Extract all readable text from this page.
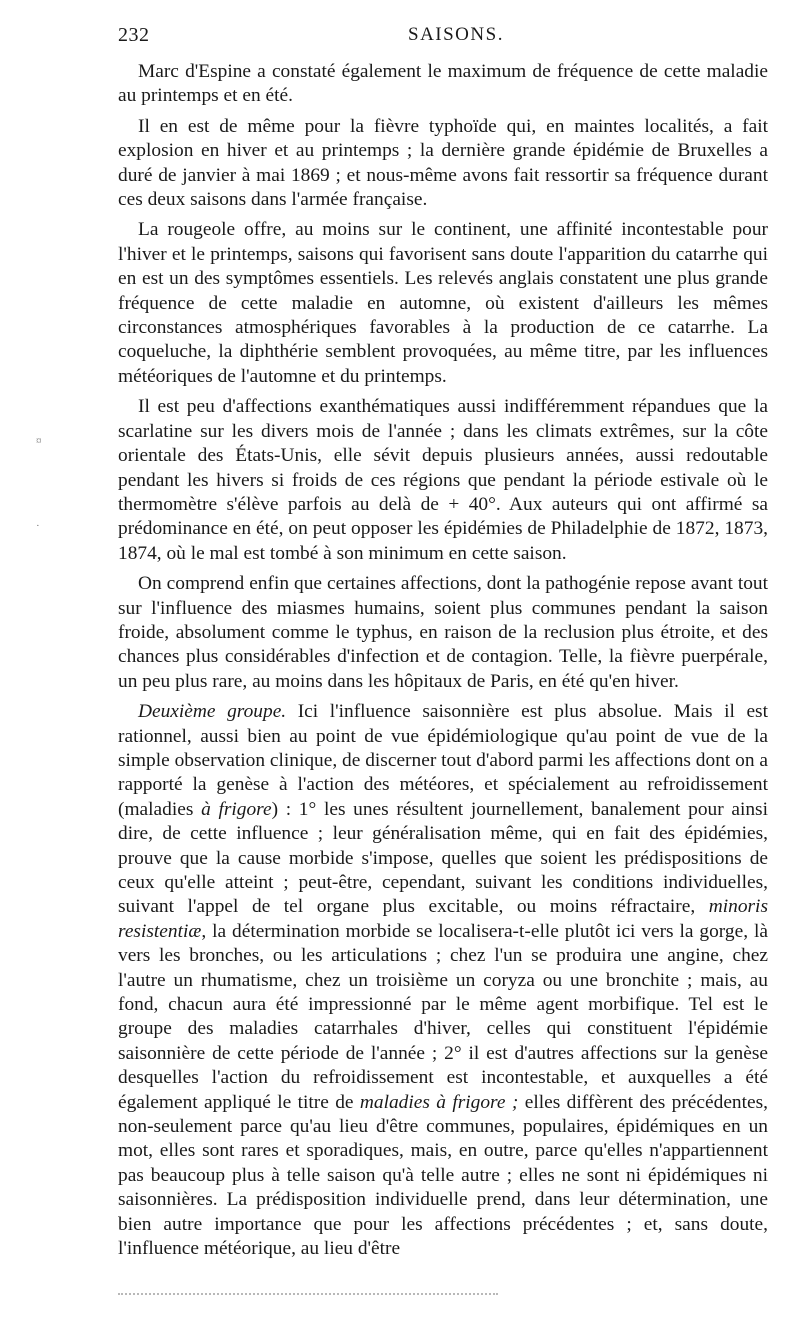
232	SAISONS.

Marc d'Espine a constaté également le maximum de fréquence de cette maladie au printemps et en été.

Il en est de même pour la fièvre typhoïde qui, en maintes localités, a fait explosion en hiver et au printemps ; la dernière grande épidémie de Bruxelles a duré de janvier à mai 1869 ; et nous-même avons fait ressortir sa fréquence durant ces deux saisons dans l'armée française.

La rougeole offre, au moins sur le continent, une affinité incontestable pour l'hiver et le printemps, saisons qui favorisent sans doute l'apparition du catarrhe qui en est un des symptômes essentiels. Les relevés anglais constatent une plus grande fréquence de cette maladie en automne, où existent d'ailleurs les mêmes circonstances atmosphériques favorables à la production de ce catarrhe. La coqueluche, la diphthérie semblent provoquées, au même titre, par les influences météoriques de l'automne et du printemps.

Il est peu d'affections exanthématiques aussi indifféremment répandues que la scarlatine sur les divers mois de l'année ; dans les climats extrêmes, sur la côte orientale des États-Unis, elle sévit depuis plusieurs années, aussi redoutable pendant les hivers si froids de ces régions que pendant la période estivale où le thermomètre s'élève parfois au delà de + 40°. Aux auteurs qui ont affirmé sa prédominance en été, on peut opposer les épidémies de Philadelphie de 1872, 1873, 1874, où le mal est tombé à son minimum en cette saison.

On comprend enfin que certaines affections, dont la pathogénie repose avant tout sur l'influence des miasmes humains, soient plus communes pendant la saison froide, absolument comme le typhus, en raison de la reclusion plus étroite, et des chances plus considérables d'infection et de contagion. Telle, la fièvre puerpérale, un peu plus rare, au moins dans les hôpitaux de Paris, en été qu'en hiver.

Deuxième groupe. Ici l'influence saisonnière est plus absolue. Mais il est rationnel, aussi bien au point de vue épidémiologique qu'au point de vue de la simple observation clinique, de discerner tout d'abord parmi les affections dont on a rapporté la genèse à l'action des météores, et spécialement au refroidissement (maladies à frigore) : 1° les unes résultent journellement, banalement pour ainsi dire, de cette influence ; leur généralisation même, qui en fait des épidémies, prouve que la cause morbide s'impose, quelles que soient les prédispositions de ceux qu'elle atteint ; peut-être, cependant, suivant les conditions individuelles, suivant l'appel de tel organe plus excitable, ou moins réfractaire, minoris resistentiæ, la détermination morbide se localisera-t-elle plutôt ici vers la gorge, là vers les bronches, ou les articulations ; chez l'un se produira une angine, chez l'autre un rhumatisme, chez un troisième un coryza ou une bronchite ; mais, au fond, chacun aura été impressionné par le même agent morbifique. Tel est le groupe des maladies catarrhales d'hiver, celles qui constituent l'épidémie saisonnière de cette période de l'année ; 2° il est d'autres affections sur la genèse desquelles l'action du refroidissement est incontestable, et auxquelles a été également appliqué le titre de maladies à frigore ; elles diffèrent des précédentes, non-seulement parce qu'au lieu d'être communes, populaires, épidémiques en un mot, elles sont rares et sporadiques, mais, en outre, parce qu'elles n'appartiennent pas beaucoup plus à telle saison qu'à telle autre ; elles ne sont ni épidémiques ni saisonnières. La prédisposition individuelle prend, dans leur détermination, une bien autre importance que pour les affections précédentes ; et, sans doute, l'influence météorique, au lieu d'être

¤
·
